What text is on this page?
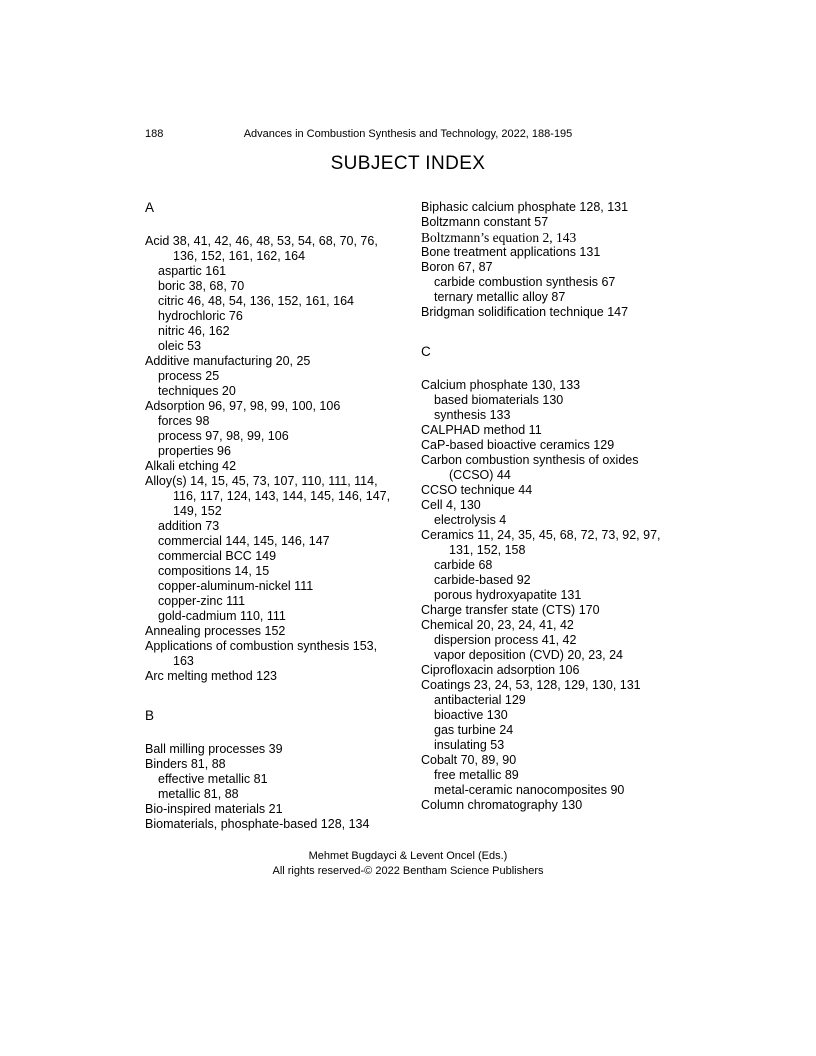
188	Advances in Combustion Synthesis and Technology, 2022, 188-195
SUBJECT INDEX
A
Acid 38, 41, 42, 46, 48, 53, 54, 68, 70, 76,
136, 152, 161, 162, 164
aspartic 161
boric 38, 68, 70
citric 46, 48, 54, 136, 152, 161, 164
hydrochloric 76
nitric 46, 162
oleic 53
Additive manufacturing 20, 25
process 25
techniques 20
Adsorption 96, 97, 98, 99, 100, 106
forces 98
process 97, 98, 99, 106
properties 96
Alkali etching 42
Alloy(s) 14, 15, 45, 73, 107, 110, 111, 114,
116, 117, 124, 143, 144, 145, 146, 147,
149, 152
addition 73
commercial 144, 145, 146, 147
commercial BCC 149
compositions 14, 15
copper-aluminum-nickel 111
copper-zinc 111
gold-cadmium 110, 111
Annealing processes 152
Applications of combustion synthesis 153,
163
Arc melting method 123
B
Ball milling processes 39
Binders 81, 88
effective metallic 81
metallic 81, 88
Bio-inspired materials 21
Biomaterials, phosphate-based 128, 134
Biphasic calcium phosphate 128, 131
Boltzmann constant 57
Boltzmann’s equation 2, 143
Bone treatment applications 131
Boron 67, 87
carbide combustion synthesis 67
ternary metallic alloy 87
Bridgman solidification technique 147
C
Calcium phosphate 130, 133
based biomaterials 130
synthesis 133
CALPHAD method 11
CaP-based bioactive ceramics 129
Carbon combustion synthesis of oxides
(CCSO) 44
CCSO technique 44
Cell 4, 130
electrolysis 4
Ceramics 11, 24, 35, 45, 68, 72, 73, 92, 97,
131, 152, 158
carbide 68
carbide-based 92
porous hydroxyapatite 131
Charge transfer state (CTS) 170
Chemical 20, 23, 24, 41, 42
dispersion process 41, 42
vapor deposition (CVD) 20, 23, 24
Ciprofloxacin adsorption 106
Coatings 23, 24, 53, 128, 129, 130, 131
antibacterial 129
bioactive 130
gas turbine 24
insulating 53
Cobalt 70, 89, 90
free metallic 89
metal-ceramic nanocomposites 90
Column chromatography 130
Mehmet Bugdayci & Levent Oncel (Eds.)
All rights reserved-© 2022 Bentham Science Publishers
